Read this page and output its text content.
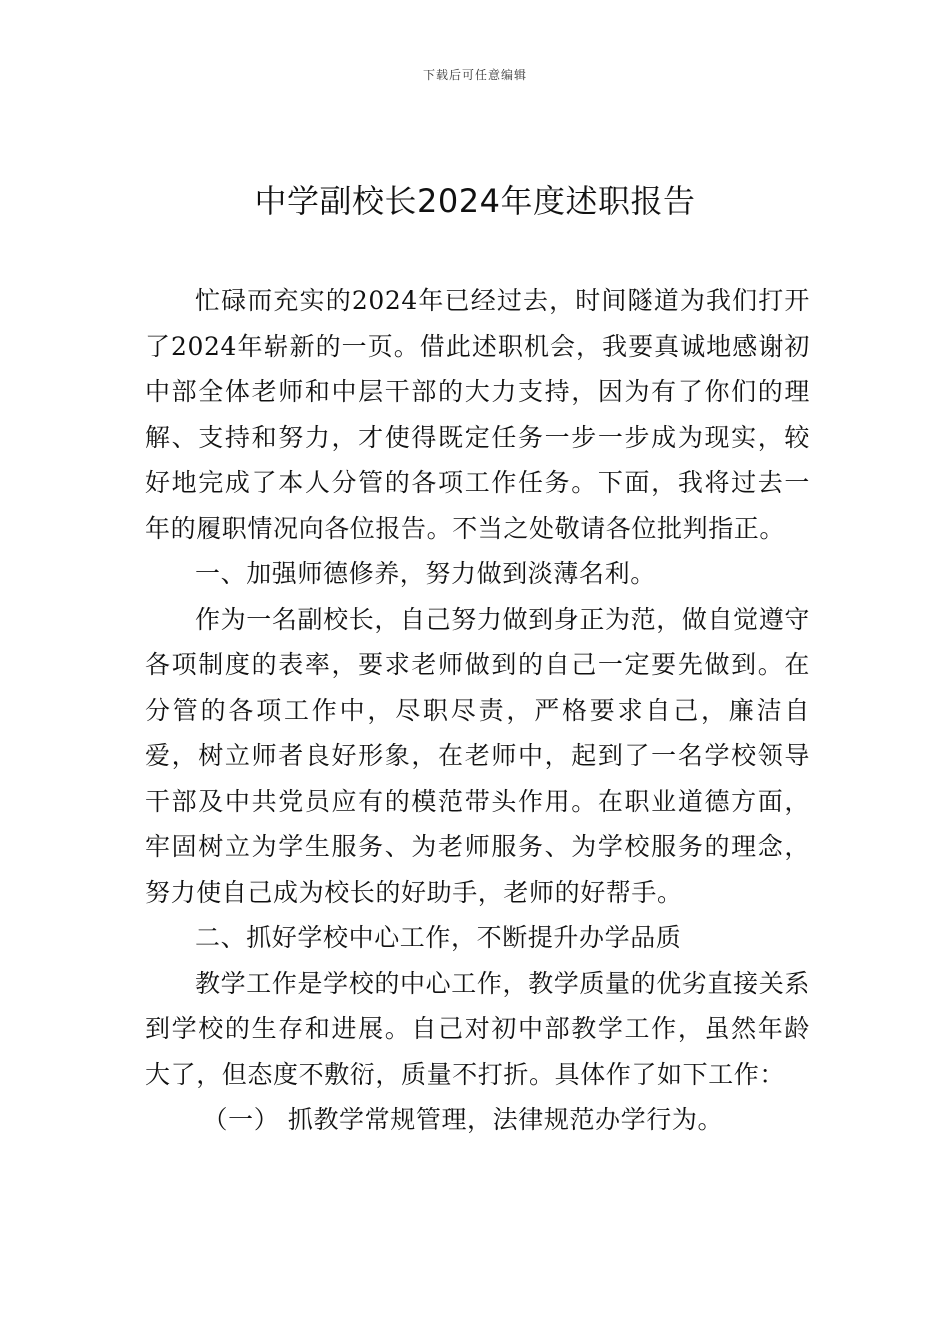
下载后可任意编辑
中学副校长2024年度述职报告

忙碌而充实的2024年已经过去，时间隧道为我们打开了2024年崭新的一页。借此述职机会，我要真诚地感谢初中部全体老师和中层干部的大力支持，因为有了你们的理解、支持和努力，才使得既定任务一步一步成为现实，较好地完成了本人分管的各项工作任务。下面，我将过去一年的履职情况向各位报告。不当之处敬请各位批判指正。

一、加强师德修养，努力做到淡薄名利。

作为一名副校长，自己努力做到身正为范，做自觉遵守各项制度的表率，要求老师做到的自己一定要先做到。在分管的各项工作中，尽职尽责，严格要求自己，廉洁自爱，树立师者良好形象，在老师中，起到了一名学校领导干部及中共党员应有的模范带头作用。在职业道德方面，牢固树立为学生服务、为老师服务、为学校服务的理念，努力使自己成为校长的好助手，老师的好帮手。

二、抓好学校中心工作，不断提升办学品质

教学工作是学校的中心工作，教学质量的优劣直接关系到学校的生存和进展。自己对初中部教学工作，虽然年龄大了，但态度不敷衍，质量不打折。具体作了如下工作：

（一） 抓教学常规管理，法律规范办学行为。
